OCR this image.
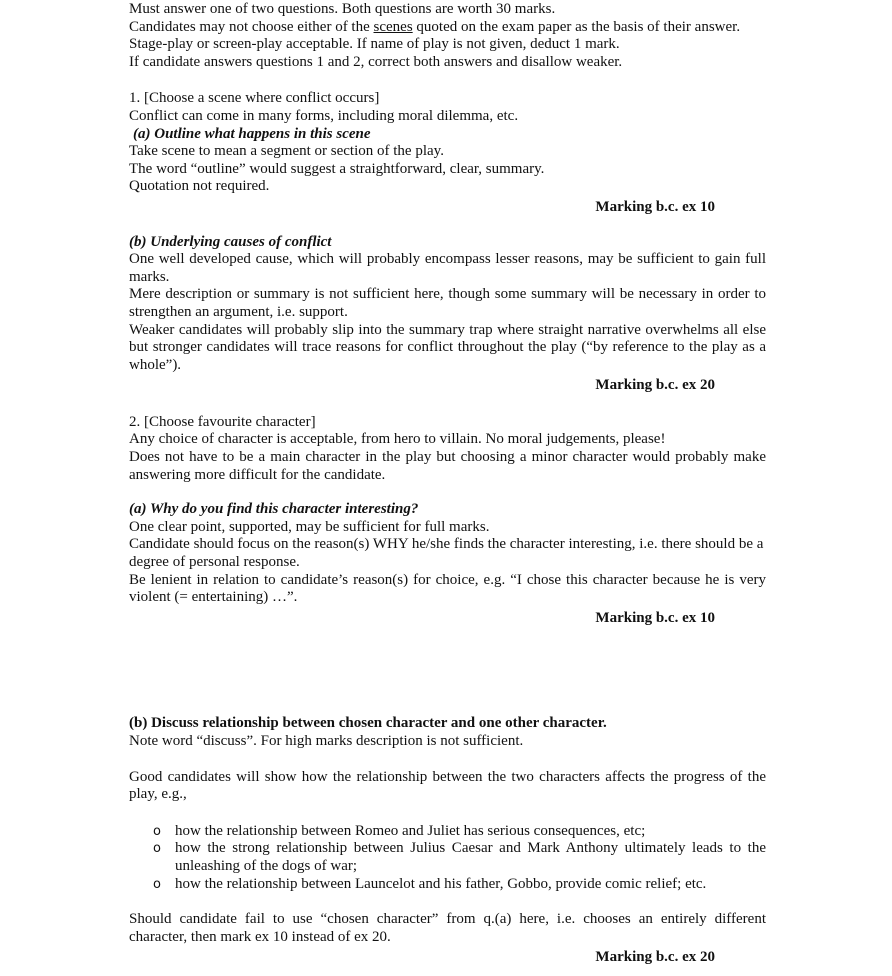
Must answer one of two questions. Both questions are worth 30 marks.

Candidates may not choose either of the scenes quoted on the exam paper as the basis of their answer.

Stage-play or screen-play acceptable. If name of play is not given, deduct 1 mark.

If candidate answers questions 1 and 2, correct both answers and disallow weaker.

1. [Choose a scene where conflict occurs]

Conflict can come in many forms, including moral dilemma, etc.

(a) Outline what happens in this scene

Take scene to mean a segment or section of the play.

The word “outline” would suggest a straightforward, clear, summary.

Quotation not required.

Marking b.c. ex 10

(b) Underlying causes of conflict

One well developed cause, which will probably encompass lesser reasons, may be sufficient to gain full marks.

Mere description or summary is not sufficient here, though some summary will be necessary in order to strengthen an argument, i.e. support.

Weaker candidates will probably slip into the summary trap where straight narrative overwhelms all else but stronger candidates will trace reasons for conflict throughout the play (“by reference to the play as a whole”).

Marking b.c. ex 20

2. [Choose favourite character]

Any choice of character is acceptable, from hero to villain. No moral judgements, please!

Does not have to be a main character in the play but choosing a minor character would probably make answering more difficult for the candidate.

(a) Why do you find this character interesting?

One clear point, supported, may be sufficient for full marks.

Candidate should focus on the reason(s) WHY he/she finds the character interesting, i.e. there should be a degree of personal response.

Be lenient in relation to candidate’s reason(s) for choice, e.g. “I chose this character because he is very violent (= entertaining) …”.

Marking b.c. ex 10

(b) Discuss relationship between chosen character and one other character.

Note word “discuss”. For high marks description is not sufficient.

Good candidates will show how the relationship between the two characters affects the progress of the play, e.g.,

o how the relationship between Romeo and Juliet has serious consequences, etc;
o how the strong relationship between Julius Caesar and Mark Anthony ultimately leads to the unleashing of the dogs of war;
o how the relationship between Launcelot and his father, Gobbo, provide comic relief; etc.

Should candidate fail to use “chosen character” from q.(a) here, i.e. chooses an entirely different character, then mark ex 10 instead of ex 20.

Marking b.c. ex 20
